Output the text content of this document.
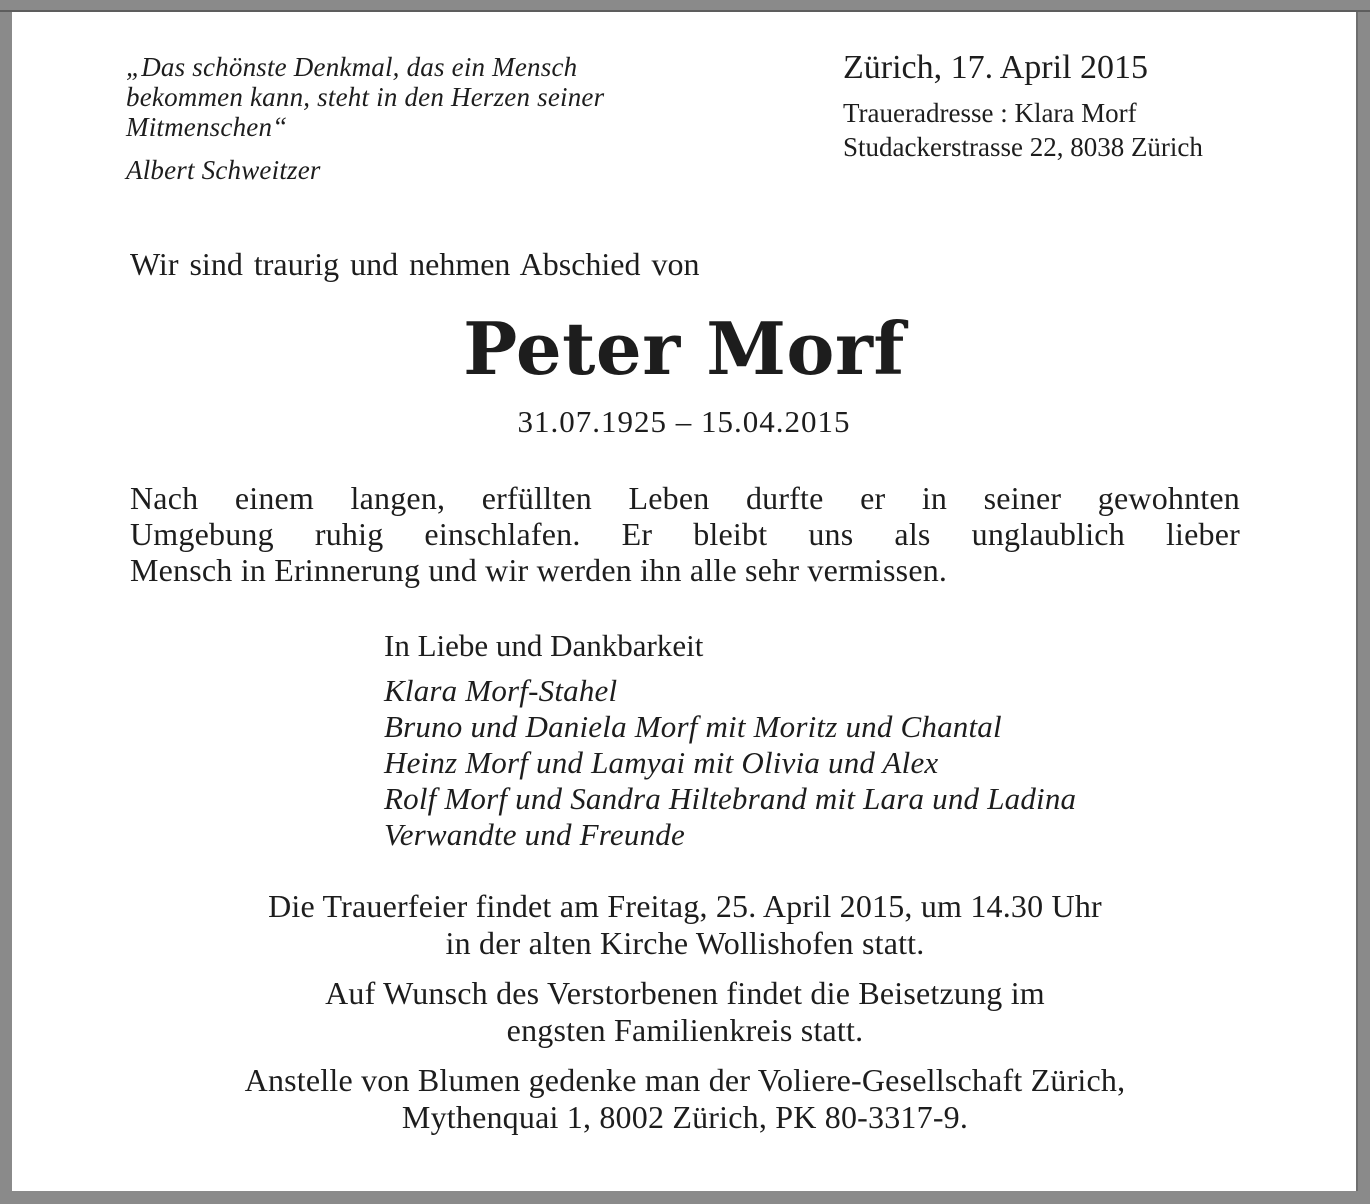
„Das schönste Denkmal, das ein Mensch
bekommen kann, steht in den Herzen seiner
Mitmenschen“
Albert Schweitzer
Zürich, 17. April 2015
Traueradresse : Klara Morf
Studackerstrasse 22, 8038 Zürich
Wir sind traurig und nehmen Abschied von
Peter Morf
31.07.1925 – 15.04.2015
Nach einem langen, erfüllten Leben durfte er in seiner gewohnten
Umgebung ruhig einschlafen. Er bleibt uns als unglaublich lieber
Mensch in Erinnerung und wir werden ihn alle sehr vermissen.
In Liebe und Dankbarkeit
Klara Morf-Stahel
Bruno und Daniela Morf mit Moritz und Chantal
Heinz Morf und Lamyai mit Olivia und Alex
Rolf Morf und Sandra Hiltebrand mit Lara und Ladina
Verwandte und Freunde
Die Trauerfeier findet am Freitag, 25. April 2015, um 14.30 Uhr
in der alten Kirche Wollishofen statt.
Auf Wunsch des Verstorbenen findet die Beisetzung im
engsten Familienkreis statt.
Anstelle von Blumen gedenke man der Voliere-Gesellschaft Zürich,
Mythenquai 1, 8002 Zürich, PK 80-3317-9.
